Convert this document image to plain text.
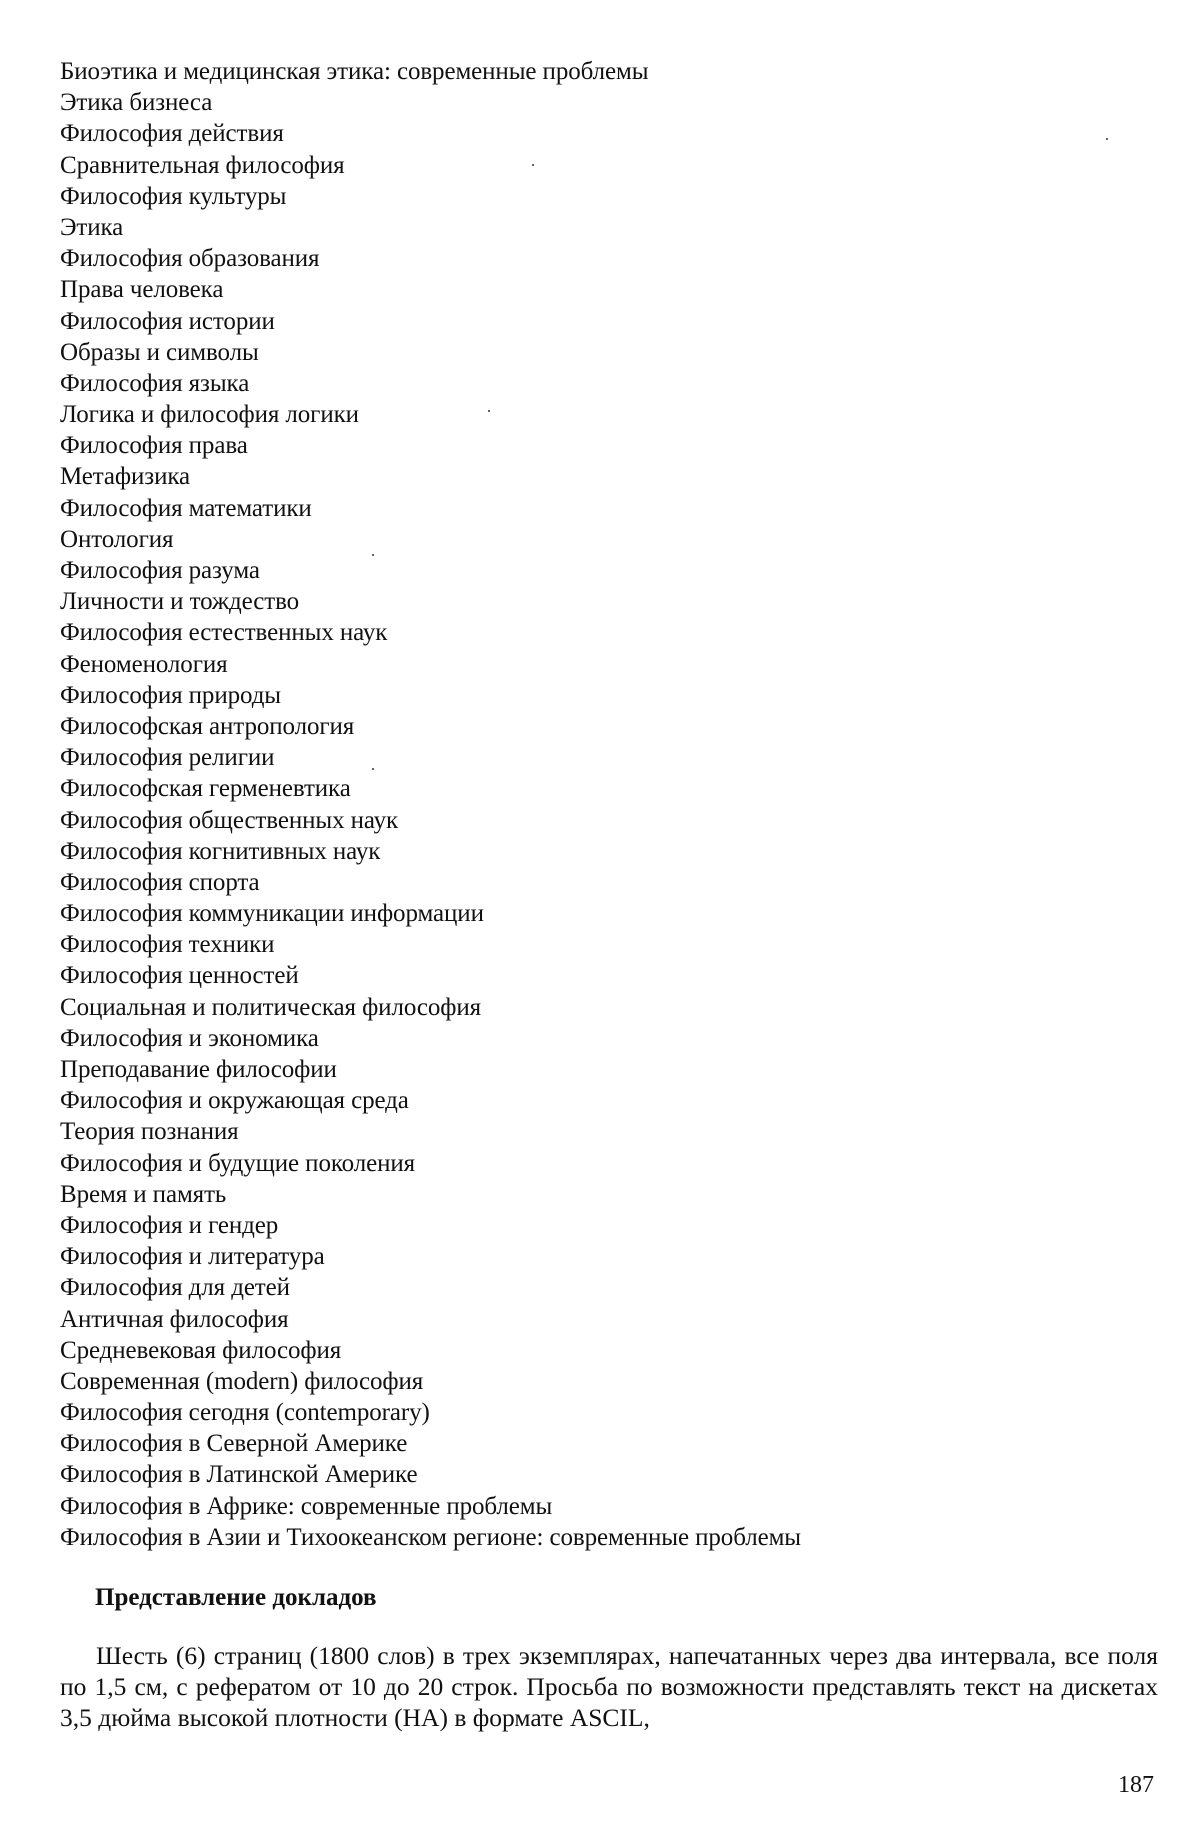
Биоэтика и медицинская этика: современные проблемы
Этика бизнеса
Философия действия
Сравнительная философия
Философия культуры
Этика
Философия образования
Права человека
Философия истории
Образы и символы
Философия языка
Логика и философия логики
Философия права
Метафизика
Философия математики
Онтология
Философия разума
Личности и тождество
Философия естественных наук
Феноменология
Философия природы
Философская антропология
Философия религии
Философская герменевтика
Философия общественных наук
Философия когнитивных наук
Философия спорта
Философия коммуникации информации
Философия техники
Философия ценностей
Социальная и политическая философия
Философия и экономика
Преподавание философии
Философия и окружающая среда
Теория познания
Философия и будущие поколения
Время и память
Философия и гендер
Философия и литература
Философия для детей
Античная философия
Средневековая философия
Современная (modern) философия
Философия сегодня (contemporary)
Философия в Северной Америке
Философия в Латинской Америке
Философия в Африке: современные проблемы
Философия в Азии и Тихоокеанском регионе: современные проблемы
Представление докладов

Шесть (6) страниц (1800 слов) в трех экземплярах, напечатанных через два интервала, все поля по 1,5 см, с рефератом от 10 до 20 строк. Просьба по возможности представлять текст на дискетах 3,5 дюйма высокой плотности (HA) в формате ASCIL,

187
